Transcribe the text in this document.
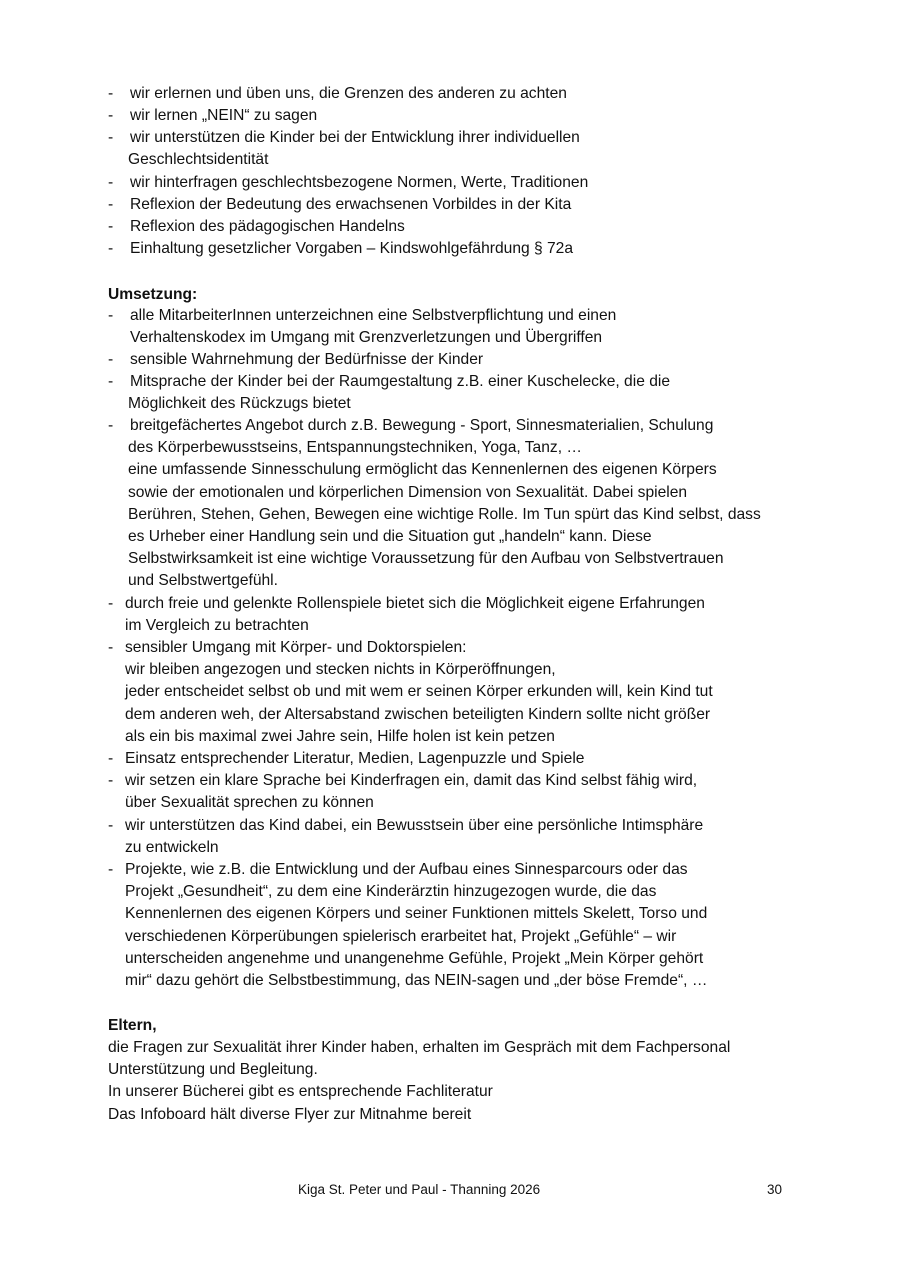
- wir erlernen und üben uns, die Grenzen des anderen zu achten
- wir lernen „NEIN“ zu sagen
- wir unterstützen die Kinder bei der Entwicklung ihrer individuellen
Geschlechtsidentität
- wir hinterfragen geschlechtsbezogene Normen, Werte, Traditionen
- Reflexion der Bedeutung des erwachsenen Vorbildes in der Kita
- Reflexion des pädagogischen Handelns
- Einhaltung gesetzlicher Vorgaben – Kindswohlgefährdung § 72a
Umsetzung:
- alle MitarbeiterInnen unterzeichnen eine Selbstverpflichtung und einen
Verhaltenskodex im Umgang mit Grenzverletzungen und Übergriffen
- sensible Wahrnehmung der Bedürfnisse der Kinder
- Mitsprache der Kinder bei der Raumgestaltung z.B. einer Kuschelecke, die die
Möglichkeit des Rückzugs bietet
- breitgefächertes Angebot durch z.B. Bewegung - Sport, Sinnesmaterialien, Schulung
des Körperbewusstseins, Entspannungstechniken, Yoga, Tanz, …
eine umfassende Sinnesschulung ermöglicht das Kennenlernen des eigenen Körpers
sowie der emotionalen und körperlichen Dimension von Sexualität. Dabei spielen
Berühren, Stehen, Gehen, Bewegen eine wichtige Rolle. Im Tun spürt das Kind selbst, dass
es Urheber einer Handlung sein und die Situation gut „handeln“ kann. Diese
Selbstwirksamkeit ist eine wichtige Voraussetzung für den Aufbau von Selbstvertrauen
und Selbstwertgefühl.
- durch freie und gelenkte Rollenspiele bietet sich die Möglichkeit eigene Erfahrungen
im Vergleich zu betrachten
- sensibler Umgang mit Körper- und Doktorspielen:
wir bleiben angezogen und stecken nichts in Körperöffnungen,
jeder entscheidet selbst ob und mit wem er seinen Körper erkunden will, kein Kind tut
dem anderen weh, der Altersabstand zwischen beteiligten Kindern sollte nicht größer
als ein bis maximal zwei Jahre sein, Hilfe holen ist kein petzen
- Einsatz entsprechender Literatur, Medien, Lagenpuzzle und Spiele
- wir setzen ein klare Sprache bei Kinderfragen ein, damit das Kind selbst fähig wird,
über Sexualität sprechen zu können
- wir unterstützen das Kind dabei, ein Bewusstsein über eine persönliche Intimsphäre
zu entwickeln
- Projekte, wie z.B. die Entwicklung und der Aufbau eines Sinnesparcours oder das
Projekt „Gesundheit“, zu dem eine Kinderärztin hinzugezogen wurde, die das
Kennenlernen des eigenen Körpers und seiner Funktionen mittels Skelett, Torso und
verschiedenen Körperübungen spielerisch erarbeitet hat, Projekt „Gefühle“ – wir
unterscheiden angenehme und unangenehme Gefühle, Projekt „Mein Körper gehört
mir“ dazu gehört die Selbstbestimmung, das NEIN-sagen und „der böse Fremde“, …
Eltern,
die Fragen zur Sexualität ihrer Kinder haben, erhalten im Gespräch mit dem Fachpersonal
Unterstützung und Begleitung.
In unserer Bücherei gibt es entsprechende Fachliteratur
Das Infoboard hält diverse Flyer zur Mitnahme bereit
Kiga St. Peter und Paul - Thanning 2026	30
